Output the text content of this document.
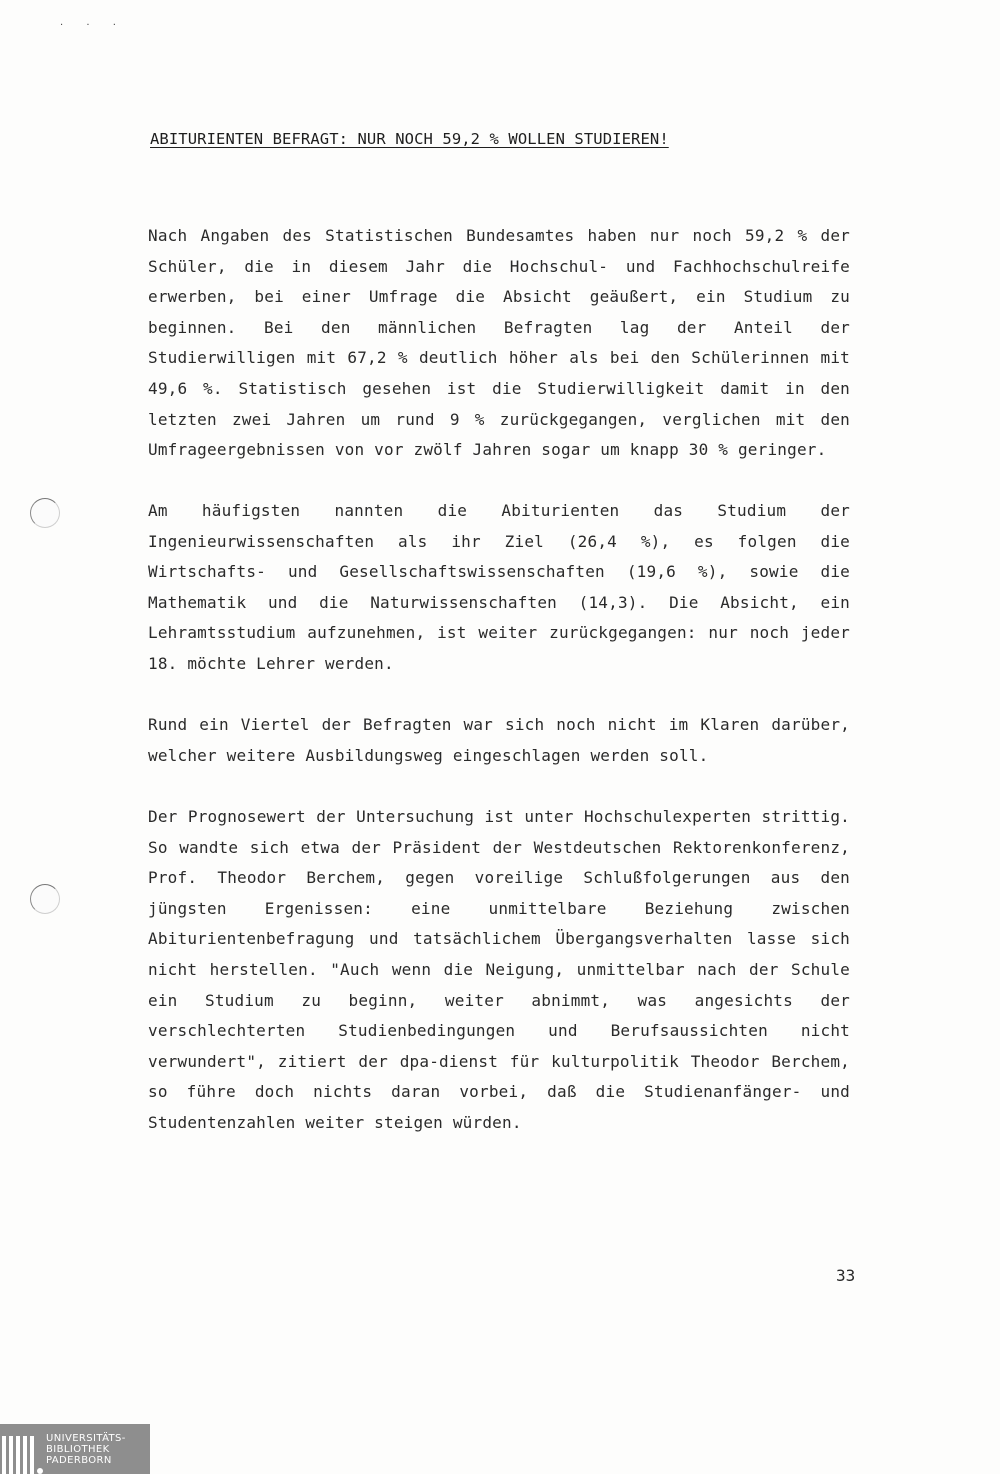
· · ·
ABITURIENTEN BEFRAGT: NUR NOCH 59,2 % WOLLEN STUDIEREN!

Nach Angaben des Statistischen Bundesamtes haben nur noch 59,2 % der Schüler, die in diesem Jahr die Hochschul- und Fachhochschulreife erwerben, bei einer Umfrage die Absicht geäußert, ein Studium zu beginnen. Bei den männlichen Befragten lag der Anteil der Studierwilligen mit 67,2 % deutlich höher als bei den Schülerinnen mit 49,6 %. Statistisch gesehen ist die Studierwilligkeit damit in den letzten zwei Jahren um rund 9 % zurückgegangen, verglichen mit den Umfrageergebnissen von vor zwölf Jahren sogar um knapp 30 % geringer.

Am häufigsten nannten die Abiturienten das Studium der Ingenieurwissenschaften als ihr Ziel (26,4 %), es folgen die Wirtschafts- und Gesellschaftswissenschaften (19,6 %), sowie die Mathematik und die Naturwissenschaften (14,3). Die Absicht, ein Lehramtsstudium aufzunehmen, ist weiter zurückgegangen: nur noch jeder 18. möchte Lehrer werden.

Rund ein Viertel der Befragten war sich noch nicht im Klaren darüber, welcher weitere Ausbildungsweg eingeschlagen werden soll.

Der Prognosewert der Untersuchung ist unter Hochschulexperten strittig. So wandte sich etwa der Präsident der Westdeutschen Rektorenkonferenz, Prof. Theodor Berchem, gegen voreilige Schlußfolgerungen aus den jüngsten Ergenissen: eine unmittelbare Beziehung zwischen Abiturientenbefragung und tatsächlichem Übergangsverhalten lasse sich nicht herstellen. "Auch wenn die Neigung, unmittelbar nach der Schule ein Studium zu beginn, weiter abnimmt, was angesichts der verschlechterten Studienbedingungen und Berufsaussichten nicht verwundert", zitiert der dpa-dienst für kulturpolitik Theodor Berchem, so führe doch nichts daran vorbei, daß die Studienanfänger- und Studentenzahlen weiter steigen würden.

33
UNIVERSITÄTS-
BIBLIOTHEK
PADERBORN
